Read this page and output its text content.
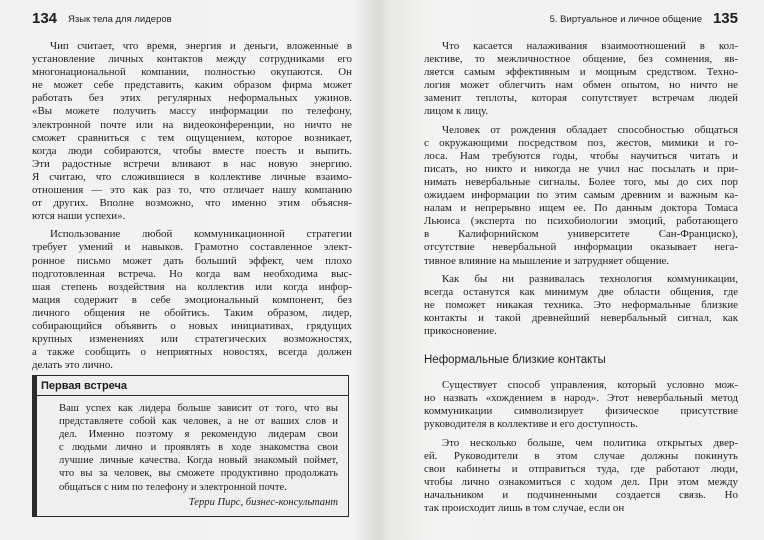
134 Язык тела для лидеров
Чип считает, что время, энергия и деньги, вложенные в
установление личных контактов между сотрудниками его
многонациональной компании, полностью окупаются. Он
не может себе представить, каким образом фирма может
работать без этих регулярных неформальных ужинов.
«Вы можете получить массу информации по телефону,
электронной почте или на видеоконференции, но ничто не
сможет сравниться с тем ощущением, которое возникает,
когда люди собираются, чтобы вместе поесть и выпить.
Эти радостные встречи вливают в нас новую энергию.
Я считаю, что сложившиеся в коллективе личные взаимо-
отношения — это как раз то, что отличает нашу компанию
от других. Вполне возможно, что именно этим объясня-
ются наши успехи».
Использование любой коммуникационной стратегии
требует умений и навыков. Грамотно составленное элект-
ронное письмо может дать больший эффект, чем плохо
подготовленная встреча. Но когда вам необходима выс-
шая степень воздействия на коллектив или когда инфор-
мация содержит в себе эмоциональный компонент, без
личного общения не обойтись. Таким образом, лидер,
собирающийся объявить о новых инициативах, грядущих
крупных изменениях или стратегических возможностях,
а также сообщить о неприятных новостях, всегда должен
делать это лично.
Первая встреча
Ваш успех как лидера больше зависит от того, что вы
представляете собой как человек, а не от ваших слов и
дел. Именно поэтому я рекомендую лидерам свои
с людьми лично и проявлять в ходе знакомства свои
лучшие личные качества. Когда новый знакомый поймет,
что вы за человек, вы сможете продуктивно продолжать
общаться с ним по телефону и электронной почте.
Терри Пирс, бизнес-консультант
5. Виртуальное и личное общение 135
Что касается налаживания взаимоотношений в кол-
лективе, то межличностное общение, без сомнения, яв-
ляется самым эффективным и мощным средством. Техно-
логия может облегчить нам обмен опытом, но ничто не
заменит теплоты, которая сопутствует встречам людей
лицом к лицу.
Человек от рождения обладает способностью общаться
с окружающими посредством поз, жестов, мимики и го-
лоса. Нам требуются годы, чтобы научиться читать и
писать, но никто и никогда не учил нас посылать и при-
нимать невербальные сигналы. Более того, мы до сих пор
ожидаем информации по этим самым древним и важным ка-
налам и непрерывно ищем ее. По данным доктора Томаса
Льюиса (эксперта по психобиологии эмоций, работающего
в Калифорнийском университете Сан-Франциско),
отсутствие невербальной информации оказывает нега-
тивное влияние на мышление и затрудняет общение.
Как бы ни развивалась технология коммуникации,
всегда останутся как минимум две области общения, где
не поможет никакая техника. Это неформальные близкие
контакты и такой древнейший невербальный сигнал, как
прикосновение.
Неформальные близкие контакты
Существует способ управления, который условно мож-
но назвать «хождением в народ». Этот невербальный метод
коммуникации символизирует физическое присутствие
руководителя в коллективе и его доступность.
Это несколько больше, чем политика открытых двер-
ей. Руководители в этом случае должны покинуть
свои кабинеты и отправиться туда, где работают люди,
чтобы лично ознакомиться с ходом дел. При этом между
начальником и подчиненными создается связь. Но
так происходит лишь в том случае, если он
